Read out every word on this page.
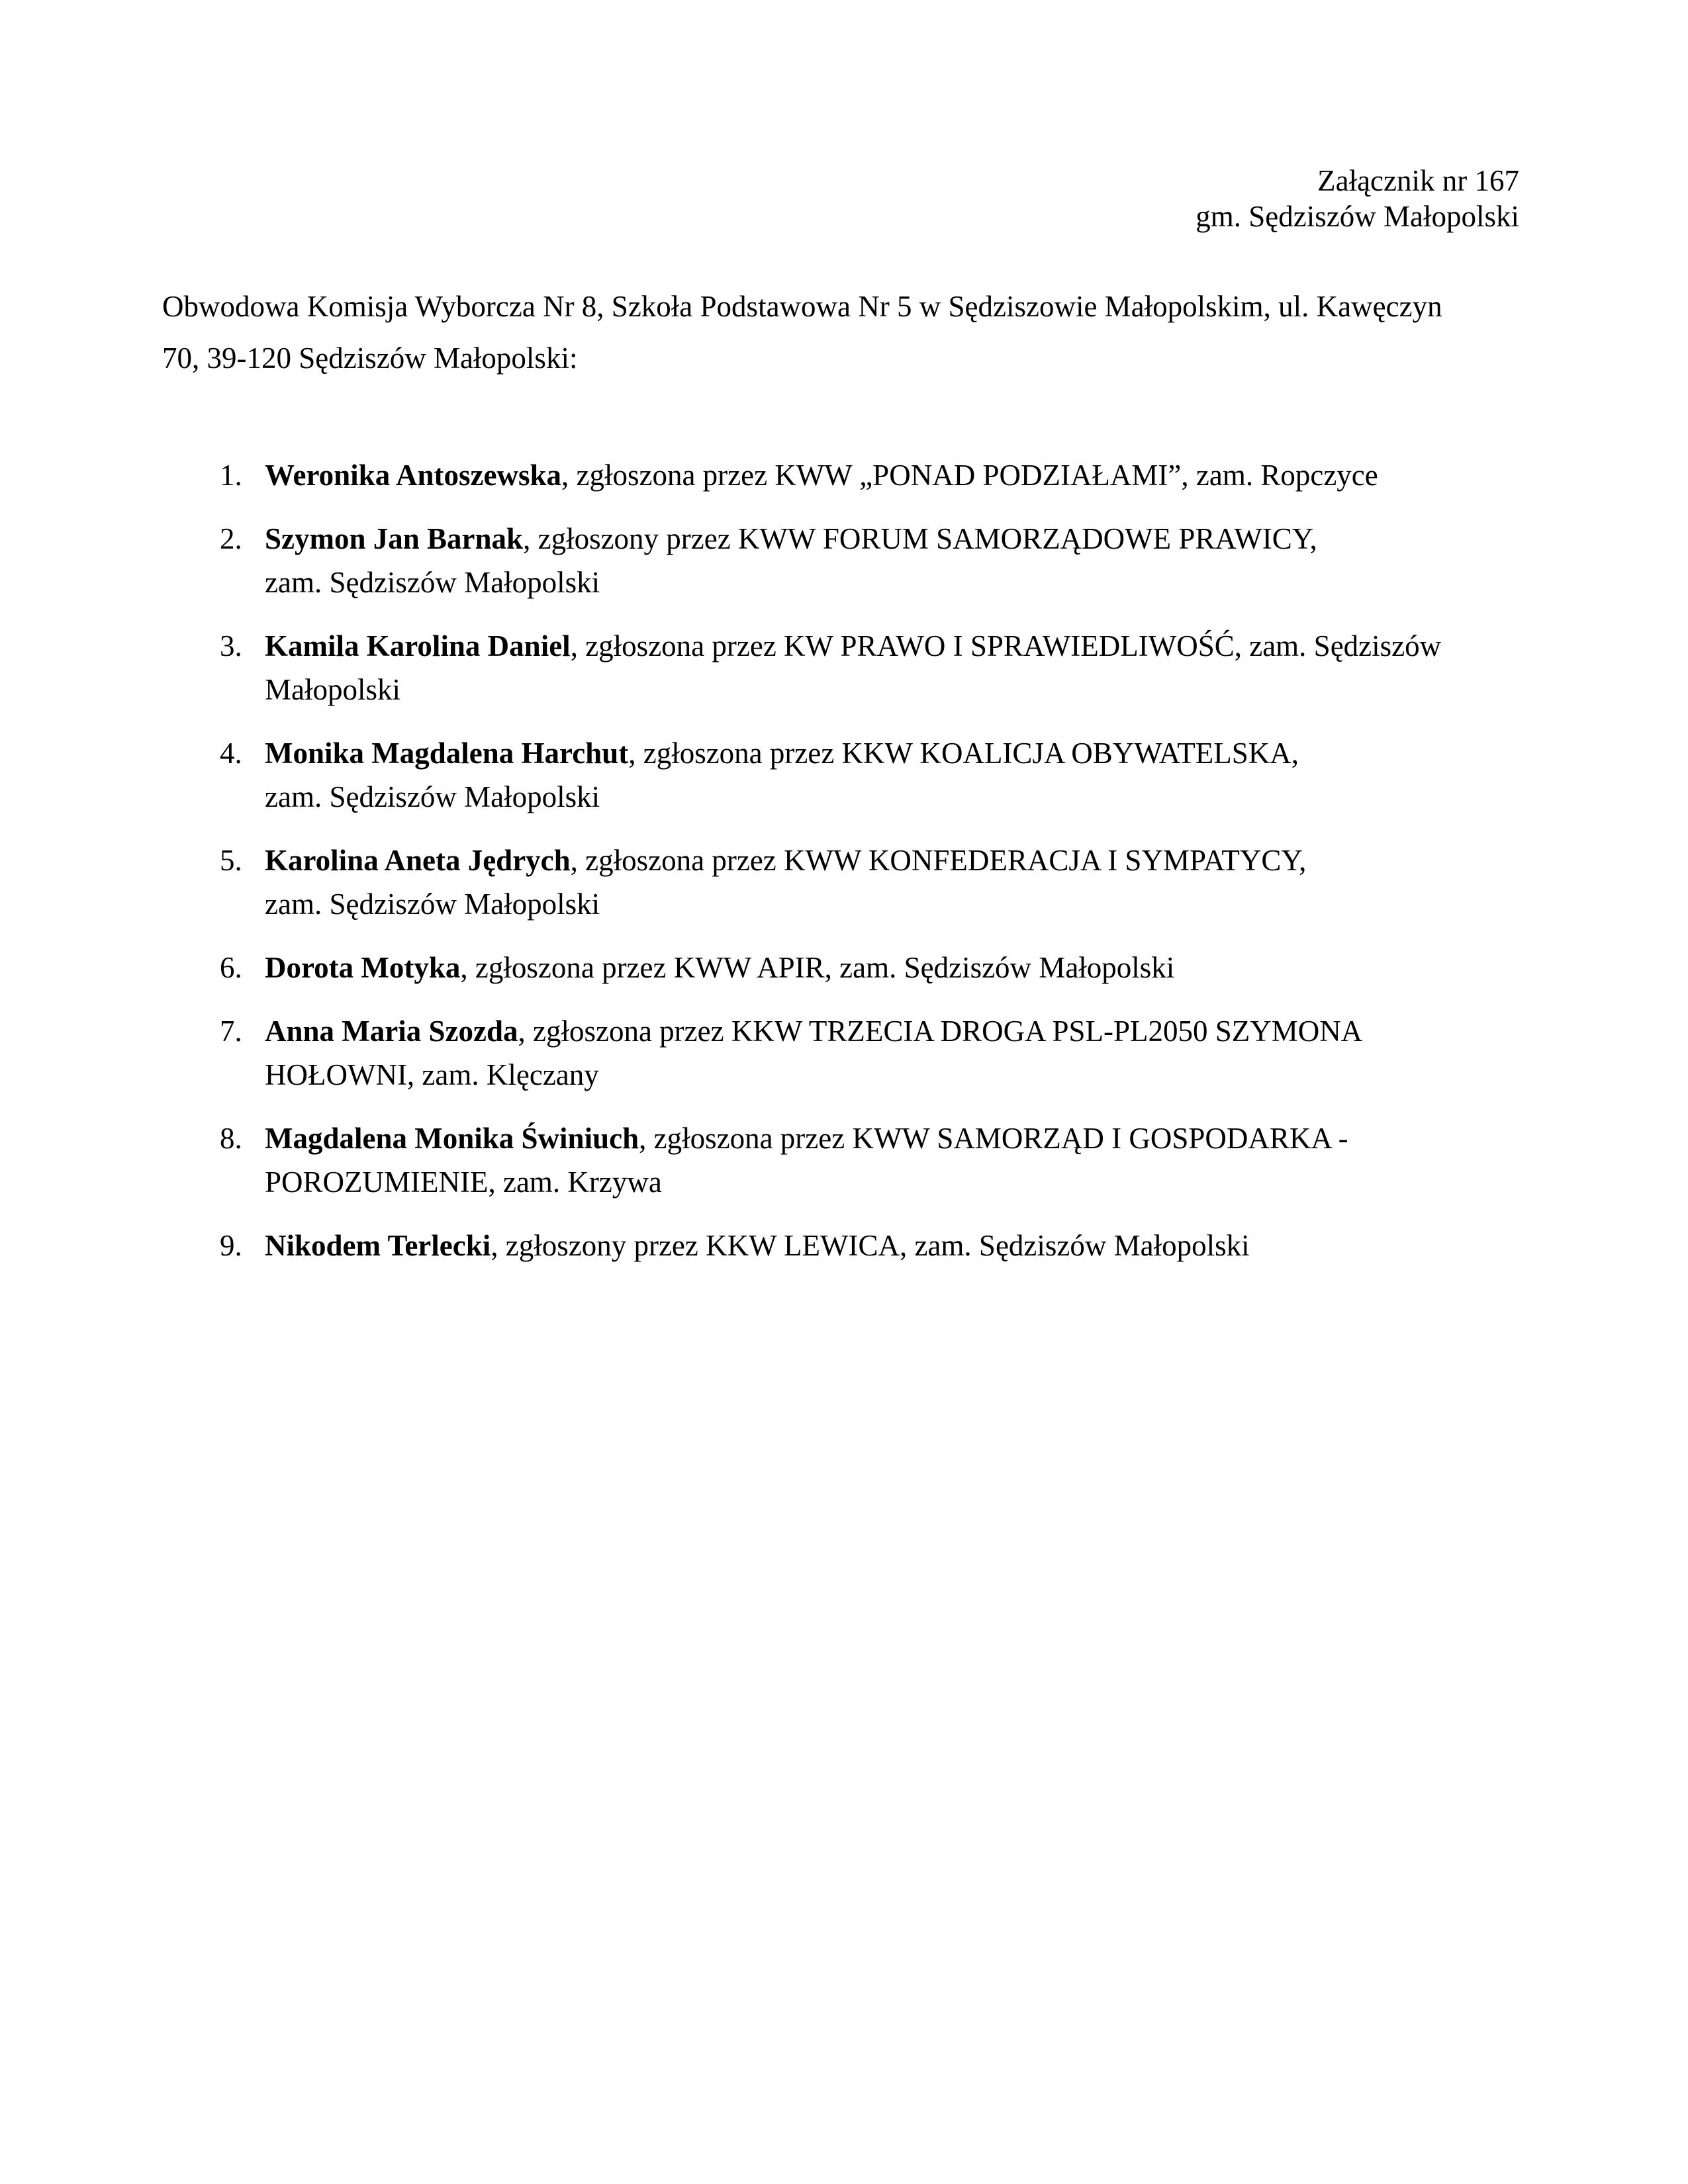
Załącznik nr 167
gm. Sędziszów Małopolski
Obwodowa Komisja Wyborcza Nr 8, Szkoła Podstawowa Nr 5 w Sędziszowie Małopolskim, ul. Kawęczyn
70, 39-120 Sędziszów Małopolski:
1. Weronika Antoszewska, zgłoszona przez KWW „PONAD PODZIAŁAMI”, zam. Ropczyce
2. Szymon Jan Barnak, zgłoszony przez KWW FORUM SAMORZĄDOWE PRAWICY,
zam. Sędziszów Małopolski
3. Kamila Karolina Daniel, zgłoszona przez KW PRAWO I SPRAWIEDLIWOŚĆ, zam. Sędziszów
Małopolski
4. Monika Magdalena Harchut, zgłoszona przez KKW KOALICJA OBYWATELSKA,
zam. Sędziszów Małopolski
5. Karolina Aneta Jędrych, zgłoszona przez KWW KONFEDERACJA I SYMPATYCY,
zam. Sędziszów Małopolski
6. Dorota Motyka, zgłoszona przez KWW APIR, zam. Sędziszów Małopolski
7. Anna Maria Szozda, zgłoszona przez KKW TRZECIA DROGA PSL-PL2050 SZYMONA
HOŁOWNI, zam. Klęczany
8. Magdalena Monika Świniuch, zgłoszona przez KWW SAMORZĄD I GOSPODARKA -
POROZUMIENIE, zam. Krzywa
9. Nikodem Terlecki, zgłoszony przez KKW LEWICA, zam. Sędziszów Małopolski
